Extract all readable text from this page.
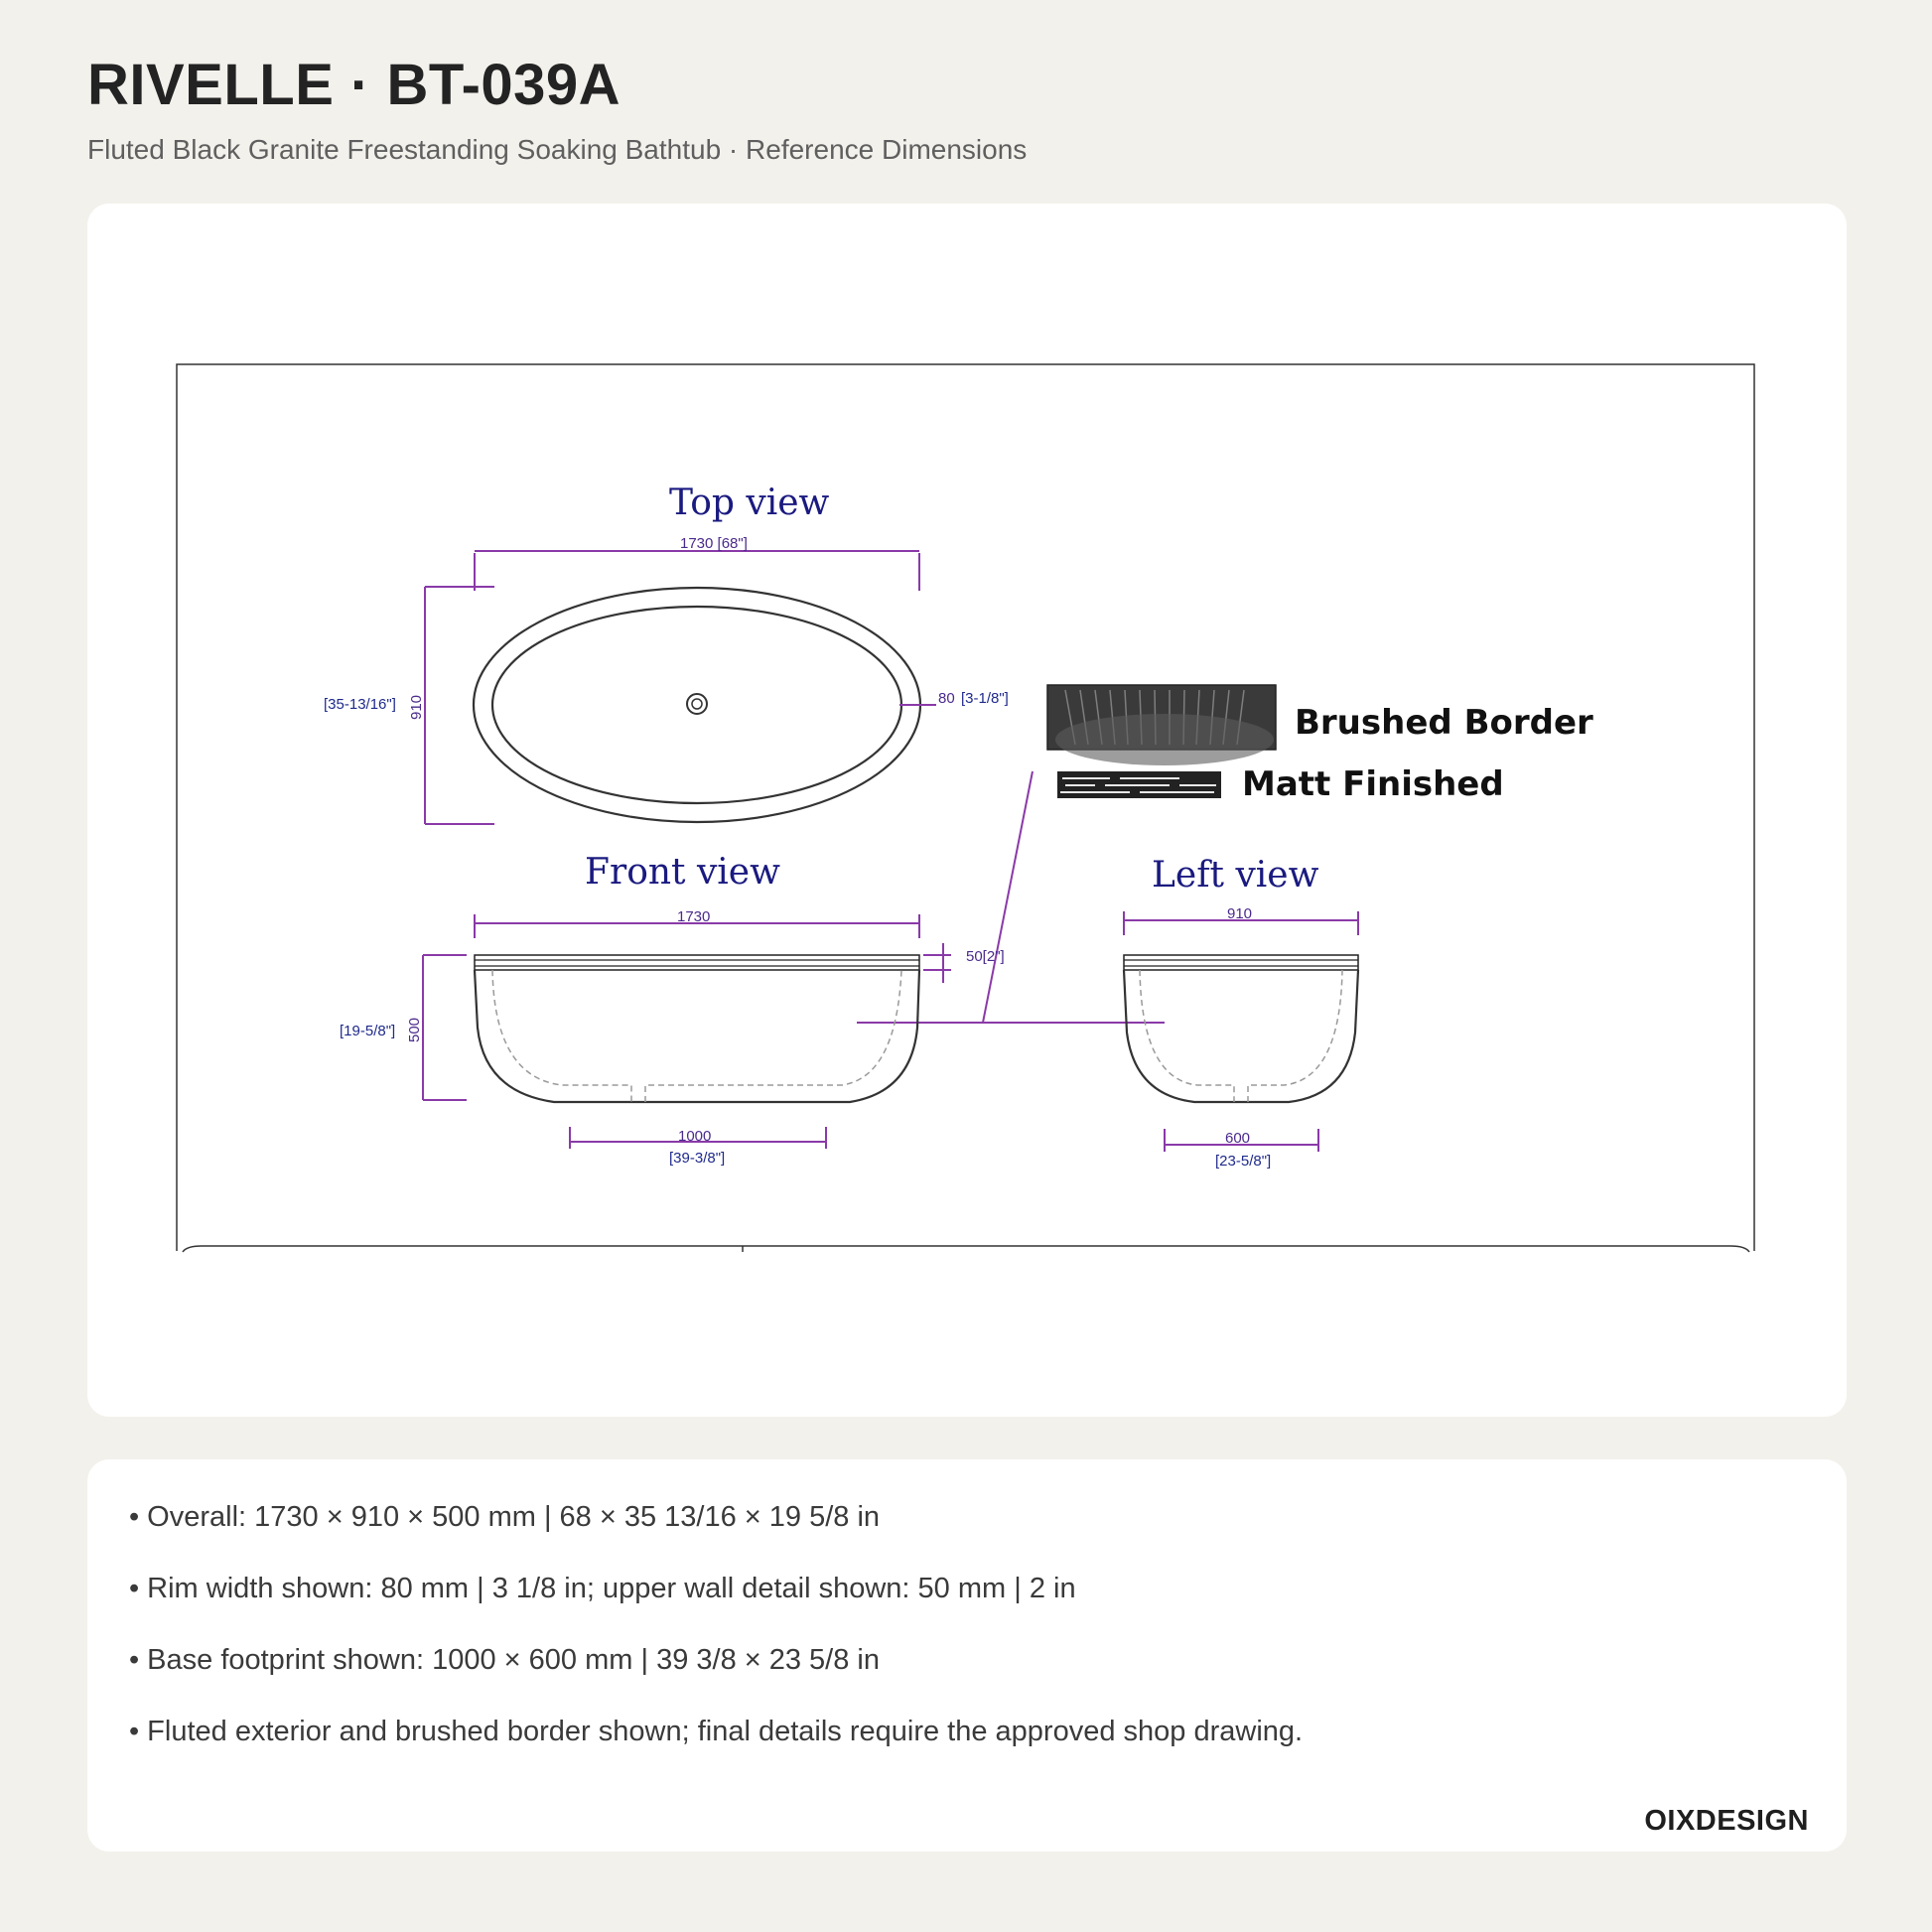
RIVELLE · BT-039A

Fluted Black Granite Freestanding Soaking Bathtub · Reference Dimensions

Top view
1730 [68"]
910
[35-13/16"]	80 [3-1/8"]
Brushed Border
Matt Finished
Front view
1730
500
[19-5/8"]
50[2"]
1000
[39-3/8"]
Left view
910
600
[23-5/8"]
• Overall: 1730 × 910 × 500 mm | 68 × 35 13/16 × 19 5/8 in
• Rim width shown: 80 mm | 3 1/8 in; upper wall detail shown: 50 mm | 2 in
• Base footprint shown: 1000 × 600 mm | 39 3/8 × 23 5/8 in
• Fluted exterior and brushed border shown; final details require the approved shop drawing.
OIXDESIGN
